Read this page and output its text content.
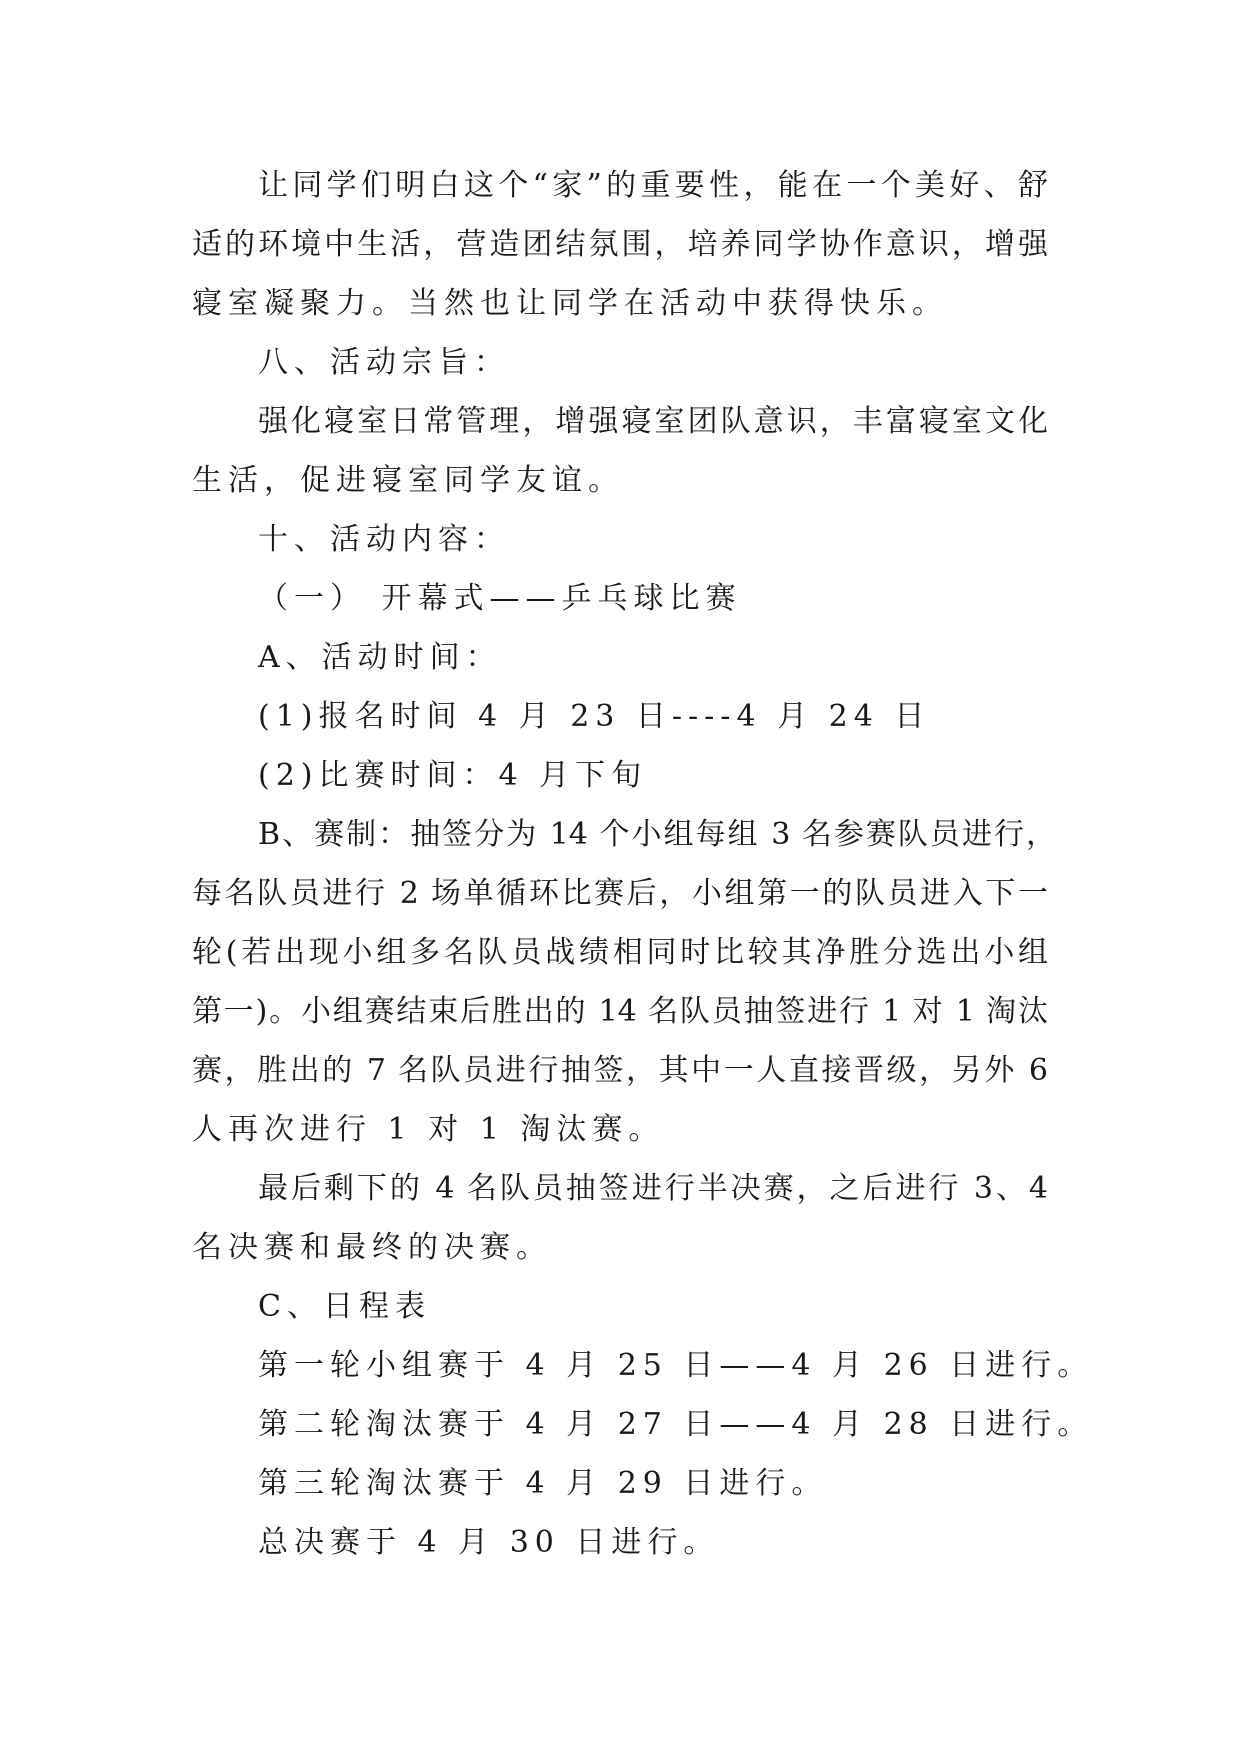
让同学们明白这个“家”的重要性，能在一个美好、舒
适的环境中生活，营造团结氛围，培养同学协作意识，增强
寝室凝聚力。当然也让同学在活动中获得快乐。
八、活动宗旨：
强化寝室日常管理，增强寝室团队意识，丰富寝室文化
生活，促进寝室同学友谊。
十、活动内容：
（一） 开幕式——乒乓球比赛
A、活动时间：
(1)报名时间 4 月 23 日----4 月 24 日
(2)比赛时间：4 月下旬
B、赛制：抽签分为 14 个小组每组 3 名参赛队员进行，
每名队员进行 2 场单循环比赛后，小组第一的队员进入下一
轮(若出现小组多名队员战绩相同时比较其净胜分选出小组
第一)。小组赛结束后胜出的 14 名队员抽签进行 1 对 1 淘汰
赛，胜出的 7 名队员进行抽签，其中一人直接晋级，另外 6
人再次进行 1 对 1 淘汰赛。
最后剩下的 4 名队员抽签进行半决赛，之后进行 3、4
名决赛和最终的决赛。
C、日程表
第一轮小组赛于 4 月 25 日——4 月 26 日进行。
第二轮淘汰赛于 4 月 27 日——4 月 28 日进行。
第三轮淘汰赛于 4 月 29 日进行。
总决赛于 4 月 30 日进行。
